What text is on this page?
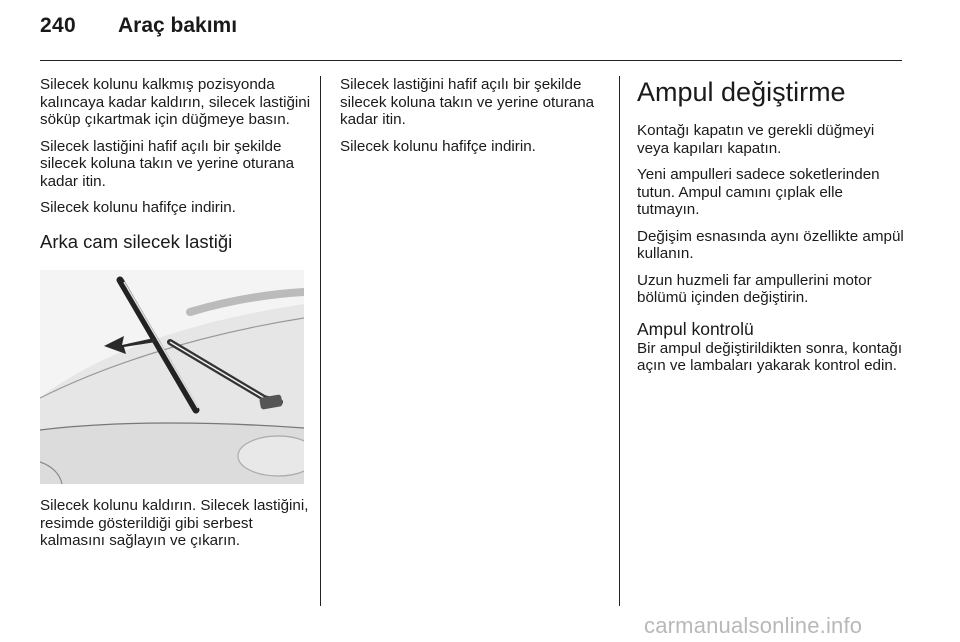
240 Araç bakımı

Silecek kolunu kalkmış pozisyonda kalıncaya kadar kaldırın, silecek lastiğini söküp çıkartmak için düğmeye basın.

Silecek lastiğini hafif açılı bir şekilde silecek koluna takın ve yerine oturana kadar itin.

Silecek kolunu hafifçe indirin.

Arka cam silecek lastiği

Silecek kolunu kaldırın. Silecek lastiğini, resimde gösterildiği gibi serbest kalmasını sağlayın ve çıkarın.

Silecek lastiğini hafif açılı bir şekilde silecek koluna takın ve yerine oturana kadar itin.

Silecek kolunu hafifçe indirin.

Ampul değiştirme

Kontağı kapatın ve gerekli düğmeyi veya kapıları kapatın.

Yeni ampulleri sadece soketlerinden tutun. Ampul camını çıplak elle tutmayın.

Değişim esnasında aynı özellikte ampül kullanın.

Uzun huzmeli far ampullerini motor bölümü içinden değiştirin.

Ampul kontrolü

Bir ampul değiştirildikten sonra, kontağı açın ve lambaları yakarak kontrol edin.

carmanualsonline.info
